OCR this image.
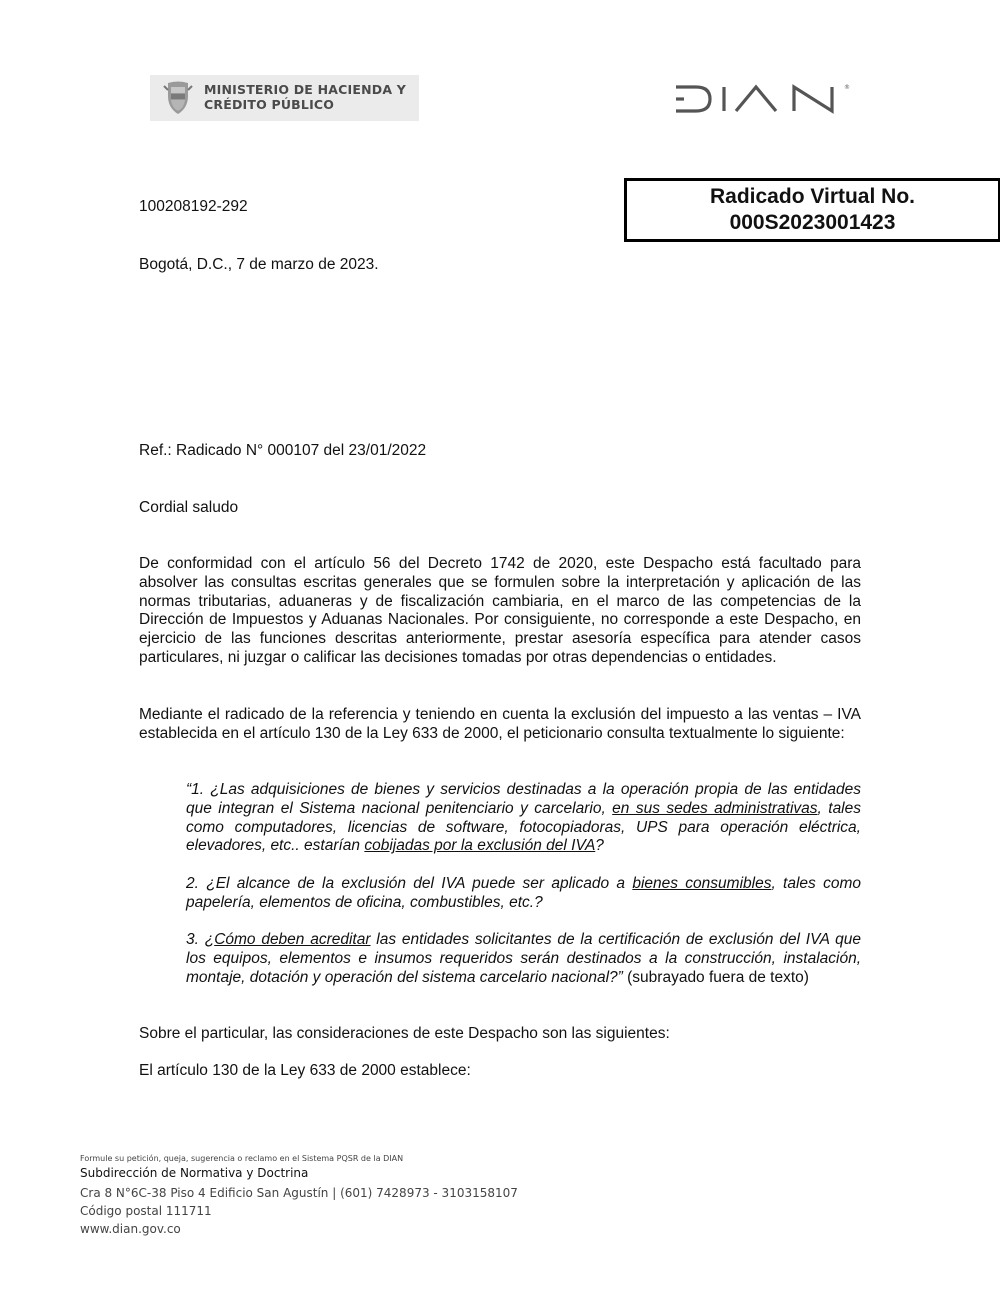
MINISTERIO DE HACIENDA Y
CRÉDITO PÚBLICO
®
Radicado Virtual No.
000S2023001423
100208192-292
Bogotá, D.C., 7 de marzo de 2023.
Ref.: Radicado N° 000107 del 23/01/2022
Cordial saludo
De conformidad con el artículo 56 del Decreto 1742 de 2020, este Despacho está facultado para absolver las consultas escritas generales que se formulen sobre la interpretación y aplicación de las normas tributarias, aduaneras y de fiscalización cambiaria, en el marco de las competencias de la Dirección de Impuestos y Aduanas Nacionales. Por consiguiente, no corresponde a este Despacho, en ejercicio de las funciones descritas anteriormente, prestar asesoría específica para atender casos particulares, ni juzgar o calificar las decisiones tomadas por otras dependencias o entidades.
Mediante el radicado de la referencia y teniendo en cuenta la exclusión del impuesto a las ventas – IVA establecida en el artículo 130 de la Ley 633 de 2000, el peticionario consulta textualmente lo siguiente:
“1. ¿Las adquisiciones de bienes y servicios destinadas a la operación propia de las entidades que integran el Sistema nacional penitenciario y carcelario, en sus sedes administrativas, tales como computadores, licencias de software, fotocopiadoras, UPS para operación eléctrica, elevadores, etc.. estarían cobijadas por la exclusión del IVA?
2. ¿El alcance de la exclusión del IVA puede ser aplicado a bienes consumibles, tales como papelería, elementos de oficina, combustibles, etc.?
3. ¿Cómo deben acreditar las entidades solicitantes de la certificación de exclusión del IVA que los equipos, elementos e insumos requeridos serán destinados a la construcción, instalación, montaje, dotación y operación del sistema carcelario nacional?” (subrayado fuera de texto)
Sobre el particular, las consideraciones de este Despacho son las siguientes:
El artículo 130 de la Ley 633 de 2000 establece:
Formule su petición, queja, sugerencia o reclamo en el Sistema PQSR de la DIAN
Subdirección de Normativa y Doctrina
Cra 8 N°6C-38 Piso 4 Edificio San Agustín | (601) 7428973 - 3103158107
Código postal 111711
www.dian.gov.co
